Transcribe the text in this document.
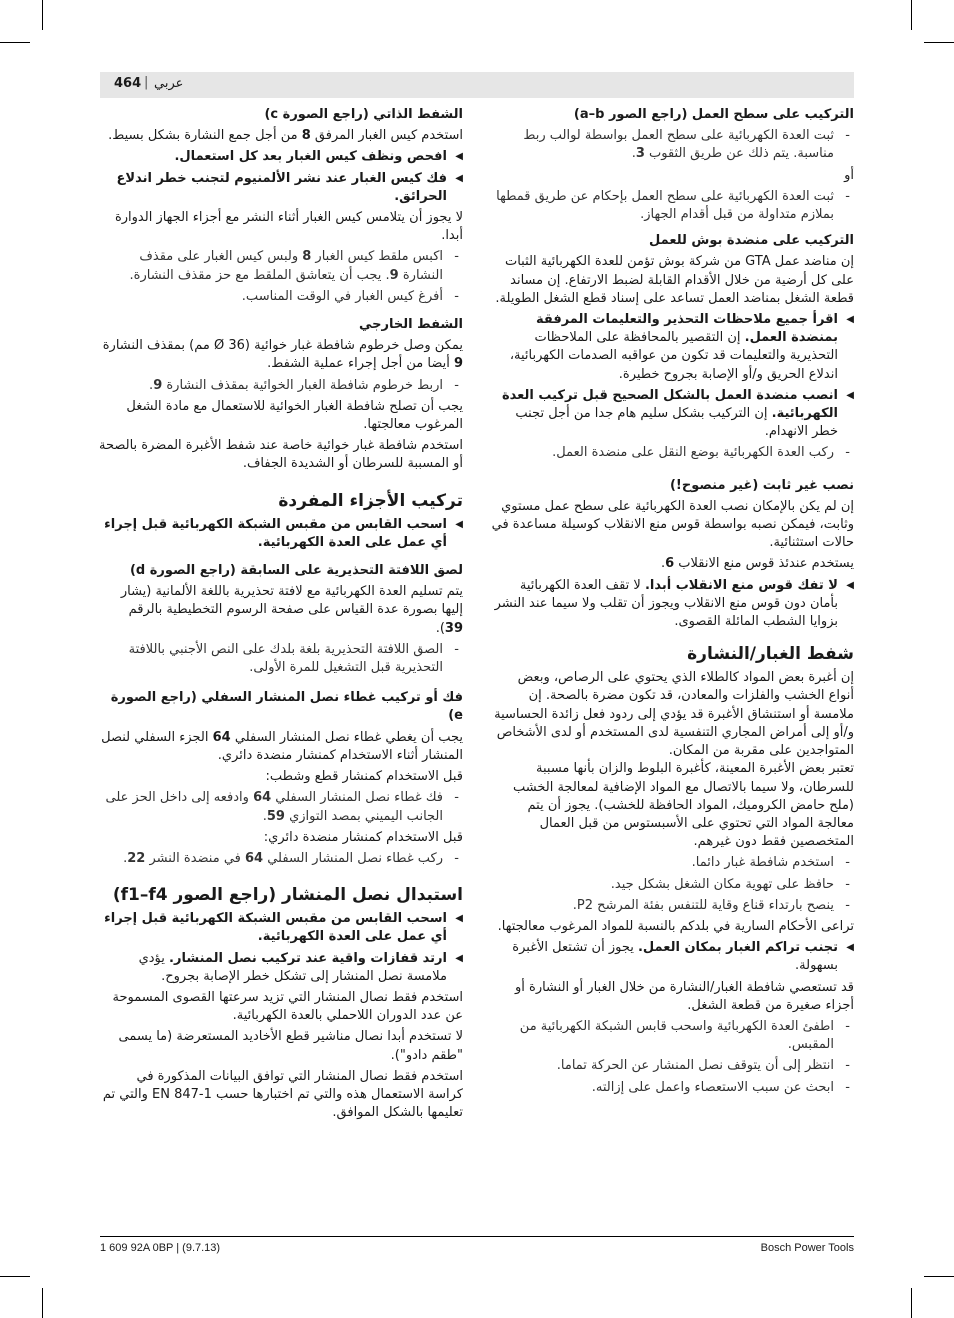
464 | عربي
التركيب على سطح العمل (راجع الصور a–b)
-
ثبت العدة الكهربائية على سطح العمل بواسطة لوالب ربط مناسبة. يتم ذلك عن طريق الثقوب 3.
أو
-
ثبت العدة الكهربائية على سطح العمل بإحكام عن طريق قمطها بملازم متداولة من قبل أقدام الجهاز.
التركيب على منضدة بوش للعمل
إن مناضد عمل GTA من شركة بوش تؤمن للعدة الكهربائية الثبات على كل أرضية من خلال الأقدام القابلة لضبط الارتفاع. إن مساند قطعة الشغل بمناضد العمل تساعد على إسناد قطع الشغل الطويلة.
◀
اقرأ جميع ملاحظات التحذير والتعليمات المرفقة بمنضدة العمل. إن التقصير بالمحافظة على الملاحظات التحذيرية والتعليمات قد تكون من عواقبه الصدمات الكهربائية، اندلاع الحريق و/أو الإصابة بجروح خطيرة.
◀
انصب منضدة العمل بالشكل الصحيح قبل تركيب العدة الكهربائية. إن التركيب بشكل سليم هام جدا من أجل تجنب خطر الانهدام.
-
ركب العدة الكهربائية بوضع النقل على منضدة العمل.
نصب غير ثابت (غير منصوح!)
إن لم يكن بالإمكان نصب العدة الكهربائية على سطح عمل مستوي وثابت، فيمكن نصبه بواسطة قوس منع الانقلاب كوسيلة مساعدة في حالات استثنائية.
يستخدم عندئذ قوس منع الانقلاب 6.
◀
لا تفك قوس منع الانقلاب أبدا. لا تقف العدة الكهربائية بأمان دون قوس منع الانقلاب ويجوز أن تقلب ولا سيما عند النشر بزوايا الشطب المائلة القصوى.
شفط الغبار/النشارة
إن أغبرة بعض المواد كالطلاء الذي يحتوي على الرصاص، وبعض أنواع الخشب والفلزات والمعادن، قد تكون مضرة بالصحة. إن ملامسة أو استنشاق الأغبرة قد يؤدي إلى ردود فعل زائدة الحساسية و/أو إلى أمراض المجاري التنفسية لدى المستخدم أو لدى الأشخاص المتواجدين على مقربة من المكان.
تعتبر بعض الأغبرة المعينة، كأغبرة البلوط والزان بأنها مسببة للسرطان، ولا سيما بالاتصال مع المواد الإضافية لمعالجة الخشب (ملح حامض الكروميك، المواد الحافظة للخشب). يجوز أن يتم معالجة المواد التي تحتوي على الأسبستوس من قبل العمال المتخصصين فقط دون غيرهم.
-
استخدم شافطة غبار دائما.
-
حافظ على تهوية مكان الشغل بشكل جيد.
-
ينصح بارتداء قناع وقاية للتنفس بفئة المرشح P2.
تراعى الأحكام السارية في بلدكم بالنسبة للمواد المرغوب معالجتها.
◀
تجنب تراكم الغبار بمكان العمل. يجوز أن تشتعل الأغبرة بسهولة.
قد تستعصي شافطة الغبار/النشارة من خلال الغبار أو النشارة أو أجزاء صغيرة من قطعة الشغل.
-
اطفئ العدة الكهربائية واسحب قابس الشبكة الكهربائية من المقبس.
-
انتظر إلى أن يتوقف نصل المنشار عن الحركة تماما.
-
ابحث عن سبب الاستعصاء واعمل على إزالته.
الشفط الذاتي (راجع الصورة c)
استخدم كيس الغبار المرفق 8 من أجل جمع النشارة بشكل بسيط.
◀
افحص ونظف كيس الغبار بعد كل استعمال.
◀
فك كيس الغبار عند نشر الألمنيوم لتجنب خطر اندلاع الحرائق.
لا يجوز أن يتلامس كيس الغبار أثناء النشر مع أجزاء الجهاز الدوارة أبدا.
-
اكبس ملقط كيس الغبار 8 ولبس كيس الغبار على مقذف النشارة 9. يجب أن يتعاشق الملقط مع حز مقذف النشارة.
-
أفرغ كيس الغبار في الوقت المناسب.
الشفط الخارجي
يمكن وصل خرطوم شافطة غبار خوائية (Ø 36 مم) بمقذف النشارة 9 أيضا من أجل إجراء عملية الشفط.
-
اربط خرطوم شافطة الغبار الخوائية بمقذف النشارة 9.
يجب أن تصلح شافطة الغبار الخوائية للاستعمال مع مادة الشغل المرغوب معالجتها.
استخدم شافطة غبار خوائية خاصة عند شفط الأغبرة المضرة بالصحة أو المسببة للسرطان أو الشديدة الجفاف.
تركيب الأجزاء المفردة
◀
اسحب القابس من مقبس الشبكة الكهربائية قبل إجراء أي عمل على العدة الكهربائية.
لصق اللافتة التحذيرية على السابقة (راجع الصورة d)
يتم تسليم العدة الكهربائية مع لافتة تحذيرية باللغة الألمانية (يشار إليها بصورة عدة القياس على صفحة الرسوم التخطيطية بالرقم 39).
-
الصق اللافتة التحذيرية بلغة بلدك على النص الأجنبي باللافتة التحذيرية قبل التشغيل للمرة الأولى.
فك أو تركيب غطاء نصل المنشار السفلي (راجع الصورة e)
يجب أن يغطي غطاء نصل المنشار السفلي 64 الجزء السفلي لنصل المنشار أثناء الاستخدام كمنشار منضدة دائري.
قبل الاستخدام كمنشار قطع وشطب:
-
فك غطاء نصل المنشار السفلي 64 وادفعه إلى داخل الحز على الجانب اليميني بمصد التوازي 59.
قبل الاستخدام كمنشار منضدة دائري:
-
ركب غطاء نصل المنشار السفلي 64 في منضدة النشر 22.
استبدال نصل المنشار (راجع الصور f1–f4)
◀
اسحب القابس من مقبس الشبكة الكهربائية قبل إجراء أي عمل على العدة الكهربائية.
◀
ارتد قفازات واقية عند تركيب نصل المنشار. يؤدي ملامسة نصل المنشار إلى تشكل خطر الإصابة بجروح.
استخدم فقط نصال المنشار التي تزيد سرعتها القصوى المسموحة عن عدد الدوران اللاحملي بالعدة الكهربائية.
لا تستخدم أبدا نصال مناشير قطع الأخاديد المستعرضة (ما يسمى "طقم دادو").
استخدم فقط نصال المنشار التي توافق البيانات المذكورة في كراسة الاستعمال هذه والتي تم اختبارها حسب EN 847-1 والتي تم تعليمها بالشكل الموافق.
1 609 92A 0BP | (9.7.13)	Bosch Power Tools
